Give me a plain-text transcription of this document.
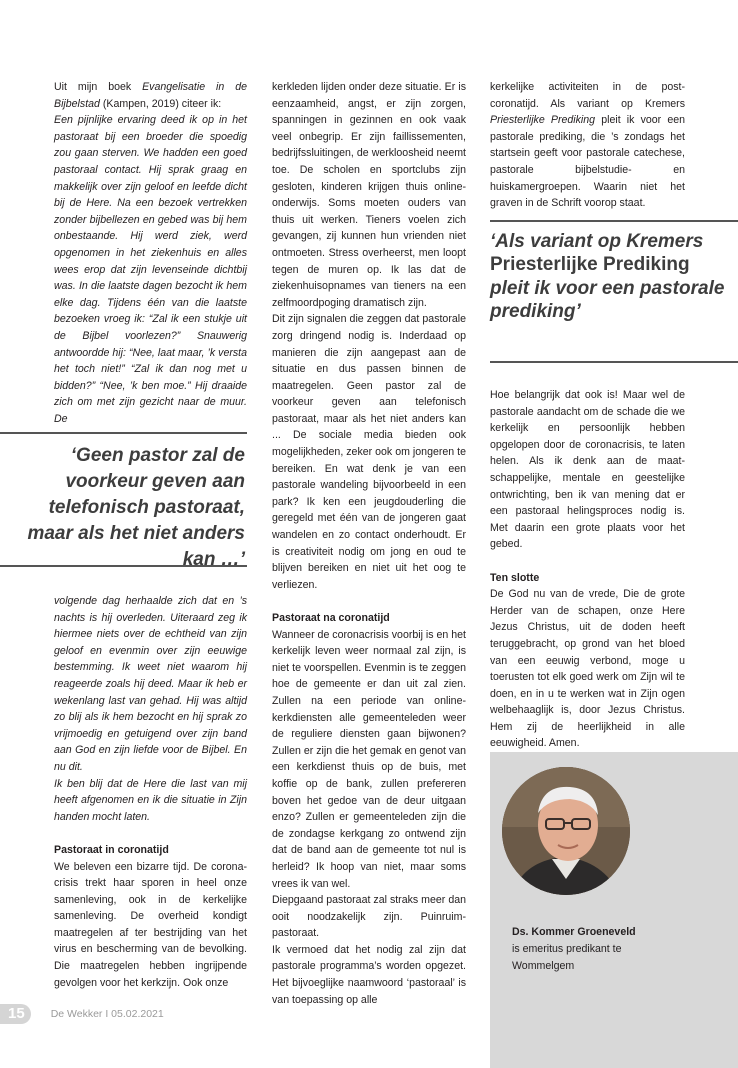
Uit mijn boek Evangelisatie in de Bijbelstad (Kampen, 2019) citeer ik:

Een pijnlijke ervaring deed ik op in het pastoraat bij een broeder die spoedig zou gaan sterven. We hadden een goed pastoraal contact. Hij sprak graag en makkelijk over zijn geloof en leefde dicht bij de Here. Na een bezoek vertrekken zonder bijbellezen en gebed was bij hem onbestaande. Hij werd ziek, werd opgenomen in het ziekenhuis en alles wees erop dat zijn levenseinde dichtbij was. In die laatste dagen bezocht ik hem elke dag. Tijdens één van die laatste bezoeken vroeg ik: “Zal ik een stukje uit de Bijbel voorlezen?” Snauwerig antwoordde hij: “Nee, laat maar, ’k versta het toch niet!” “Zal ik dan nog met u bidden?” “Nee, ’k ben moe.” Hij draaide zich om met zijn gezicht naar de muur. De

‘Geen pastor zal de voorkeur geven aan telefonisch pastoraat, maar als het niet anders kan …’

volgende dag herhaalde zich dat en ’s nachts is hij overleden. Uiteraard zeg ik hiermee niets over de echtheid van zijn geloof en evenmin over zijn eeuwige bestemming. Ik weet niet waarom hij reageerde zoals hij deed. Maar ik heb er wekenlang last van gehad. Hij was altijd zo blij als ik hem bezocht en hij sprak zo vrijmoedig en getuigend over zijn band aan God en zijn liefde voor de Bijbel. En nu dit.

Ik ben blij dat de Here die last van mij heeft afgenomen en ik die situatie in Zijn handen mocht laten.

Pastoraat in coronatijd

We beleven een bizarre tijd. De corona-crisis trekt haar sporen in heel onze samenleving, ook in de kerkelijke samenleving. De overheid kondigt maatregelen af ter bestrijding van het virus en bescherming van de bevolking. Die maatregelen hebben ingrijpende gevolgen voor het kerkzijn. Ook onze

kerkleden lijden onder deze situatie. Er is eenzaamheid, angst, er zijn zorgen, spanningen in gezinnen en ook vaak veel onbegrip. Er zijn faillissementen, bedrijfssluitingen, de werkloosheid neemt toe. De scholen en sportclubs zijn gesloten, kinderen krijgen thuis online-onderwijs. Soms moeten ouders van thuis uit werken. Tieners voelen zich gevangen, zij kunnen hun vrienden niet ontmoeten. Stress overheerst, men loopt tegen de muren op. Ik las dat de ziekenhuisopnames van tieners na een zelfmoordpoging dramatisch zijn.

Dit zijn signalen die zeggen dat pastorale zorg dringend nodig is. Inderdaad op manieren die zijn aangepast aan de situatie en dus passen binnen de maatregelen. Geen pastor zal de voorkeur geven aan telefonisch pastoraat, maar als het niet anders kan ... De sociale media bieden ook mogelijkheden, zeker ook om jongeren te bereiken. En wat denk je van een pastorale wandeling bijvoorbeeld in een park? Ik ken een jeugdouderling die geregeld met één van de jongeren gaat wandelen en zo contact onderhoudt. Er is creativiteit nodig om jong en oud te blijven bereiken en niet uit het oog te verliezen.

Pastoraat na coronatijd

Wanneer de coronacrisis voorbij is en het kerkelijk leven weer normaal zal zijn, is niet te voorspellen. Evenmin is te zeggen hoe de gemeente er dan uit zal zien. Zullen na een periode van online-kerkdiensten alle gemeenteleden weer de reguliere diensten gaan bijwonen? Zullen er zijn die het gemak en genot van een kerkdienst thuis op de buis, met koffie op de bank, zullen prefereren boven het gedoe van de deur uitgaan enzo? Zullen er gemeenteleden zijn die de zondagse kerkgang zo ontwend zijn dat de band aan de gemeente tot nul is herleid? Ik hoop van niet, maar soms vrees ik van wel.

Diepgaand pastoraat zal straks meer dan ooit noodzakelijk zijn. Puinruim-pastoraat.

Ik vermoed dat het nodig zal zijn dat pastorale programma’s worden opgezet. Het bijvoeglijke naamwoord ‘pastoraal’ is van toepassing op alle

kerkelijke activiteiten in de post-coronatijd. Als variant op Kremers Priesterlijke Prediking pleit ik voor een pastorale prediking, die ’s zondags het startsein geeft voor pastorale catechese, pastorale bijbelstudie- en huiskamergroepen. Waarin niet het graven in de Schrift voorop staat.

‘Als variant op Kremers Priesterlijke Prediking pleit ik voor een pastorale prediking’

Hoe belangrijk dat ook is! Maar wel de pastorale aandacht om de schade die we kerkelijk en persoonlijk hebben opgelopen door de coronacrisis, te laten helen. Als ik denk aan de maat-schappelijke, mentale en geestelijke ontwrichting, ben ik van mening dat er een pastoraal helingsproces nodig is. Met daarin een grote plaats voor het gebed.

Ten slotte

De God nu van de vrede, Die de grote Herder van de schapen, onze Here Jezus Christus, uit de doden heeft teruggebracht, op grond van het bloed van een eeuwig verbond, moge u toerusten tot elk goed werk om Zijn wil te doen, en in u te werken wat in Zijn ogen welbehaaglijk is, door Jezus Christus. Hem zij de heerlijkheid in alle eeuwigheid. Amen.

Ds. Kommer Groeneveld
is emeritus predikant te Wommelgem
15	De Wekker I 05.02.2021
